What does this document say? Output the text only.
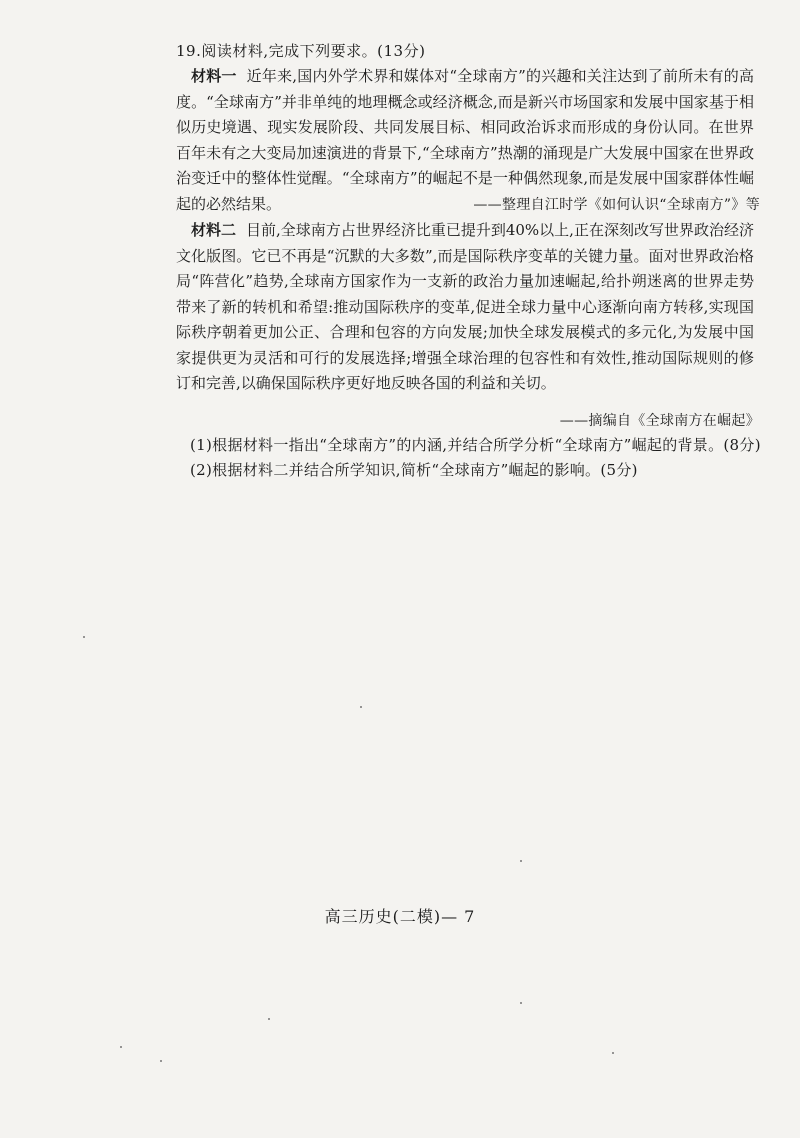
19.阅读材料,完成下列要求。(13分)
材料一 近年来,国内外学术界和媒体对“全球南方”的兴趣和关注达到了前所未有的高度。“全球南方”并非单纯的地理概念或经济概念,而是新兴市场国家和发展中国家基于相似历史境遇、现实发展阶段、共同发展目标、相同政治诉求而形成的身份认同。在世界百年未有之大变局加速演进的背景下,“全球南方”热潮的涌现是广大发展中国家在世界政治变迁中的整体性觉醒。“全球南方”的崛起不是一种偶然现象,而是发展中国家群体性崛起的必然结果。	——整理自江时学《如何认识“全球南方”》等
材料二 目前,全球南方占世界经济比重已提升到40%以上,正在深刻改写世界政治经济文化版图。它已不再是“沉默的大多数”,而是国际秩序变革的关键力量。面对世界政治格局“阵营化”趋势,全球南方国家作为一支新的政治力量加速崛起,给扑朔迷离的世界走势带来了新的转机和希望:推动国际秩序的变革,促进全球力量中心逐渐向南方转移,实现国际秩序朝着更加公正、合理和包容的方向发展;加快全球发展模式的多元化,为发展中国家提供更为灵活和可行的发展选择;增强全球治理的包容性和有效性,推动国际规则的修订和完善,以确保国际秩序更好地反映各国的利益和关切。
——摘编自《全球南方在崛起》
(1)根据材料一指出“全球南方”的内涵,并结合所学分析“全球南方”崛起的背景。(8分)
(2)根据材料二并结合所学知识,简析“全球南方”崛起的影响。(5分)
高三历史(二模)— 7
